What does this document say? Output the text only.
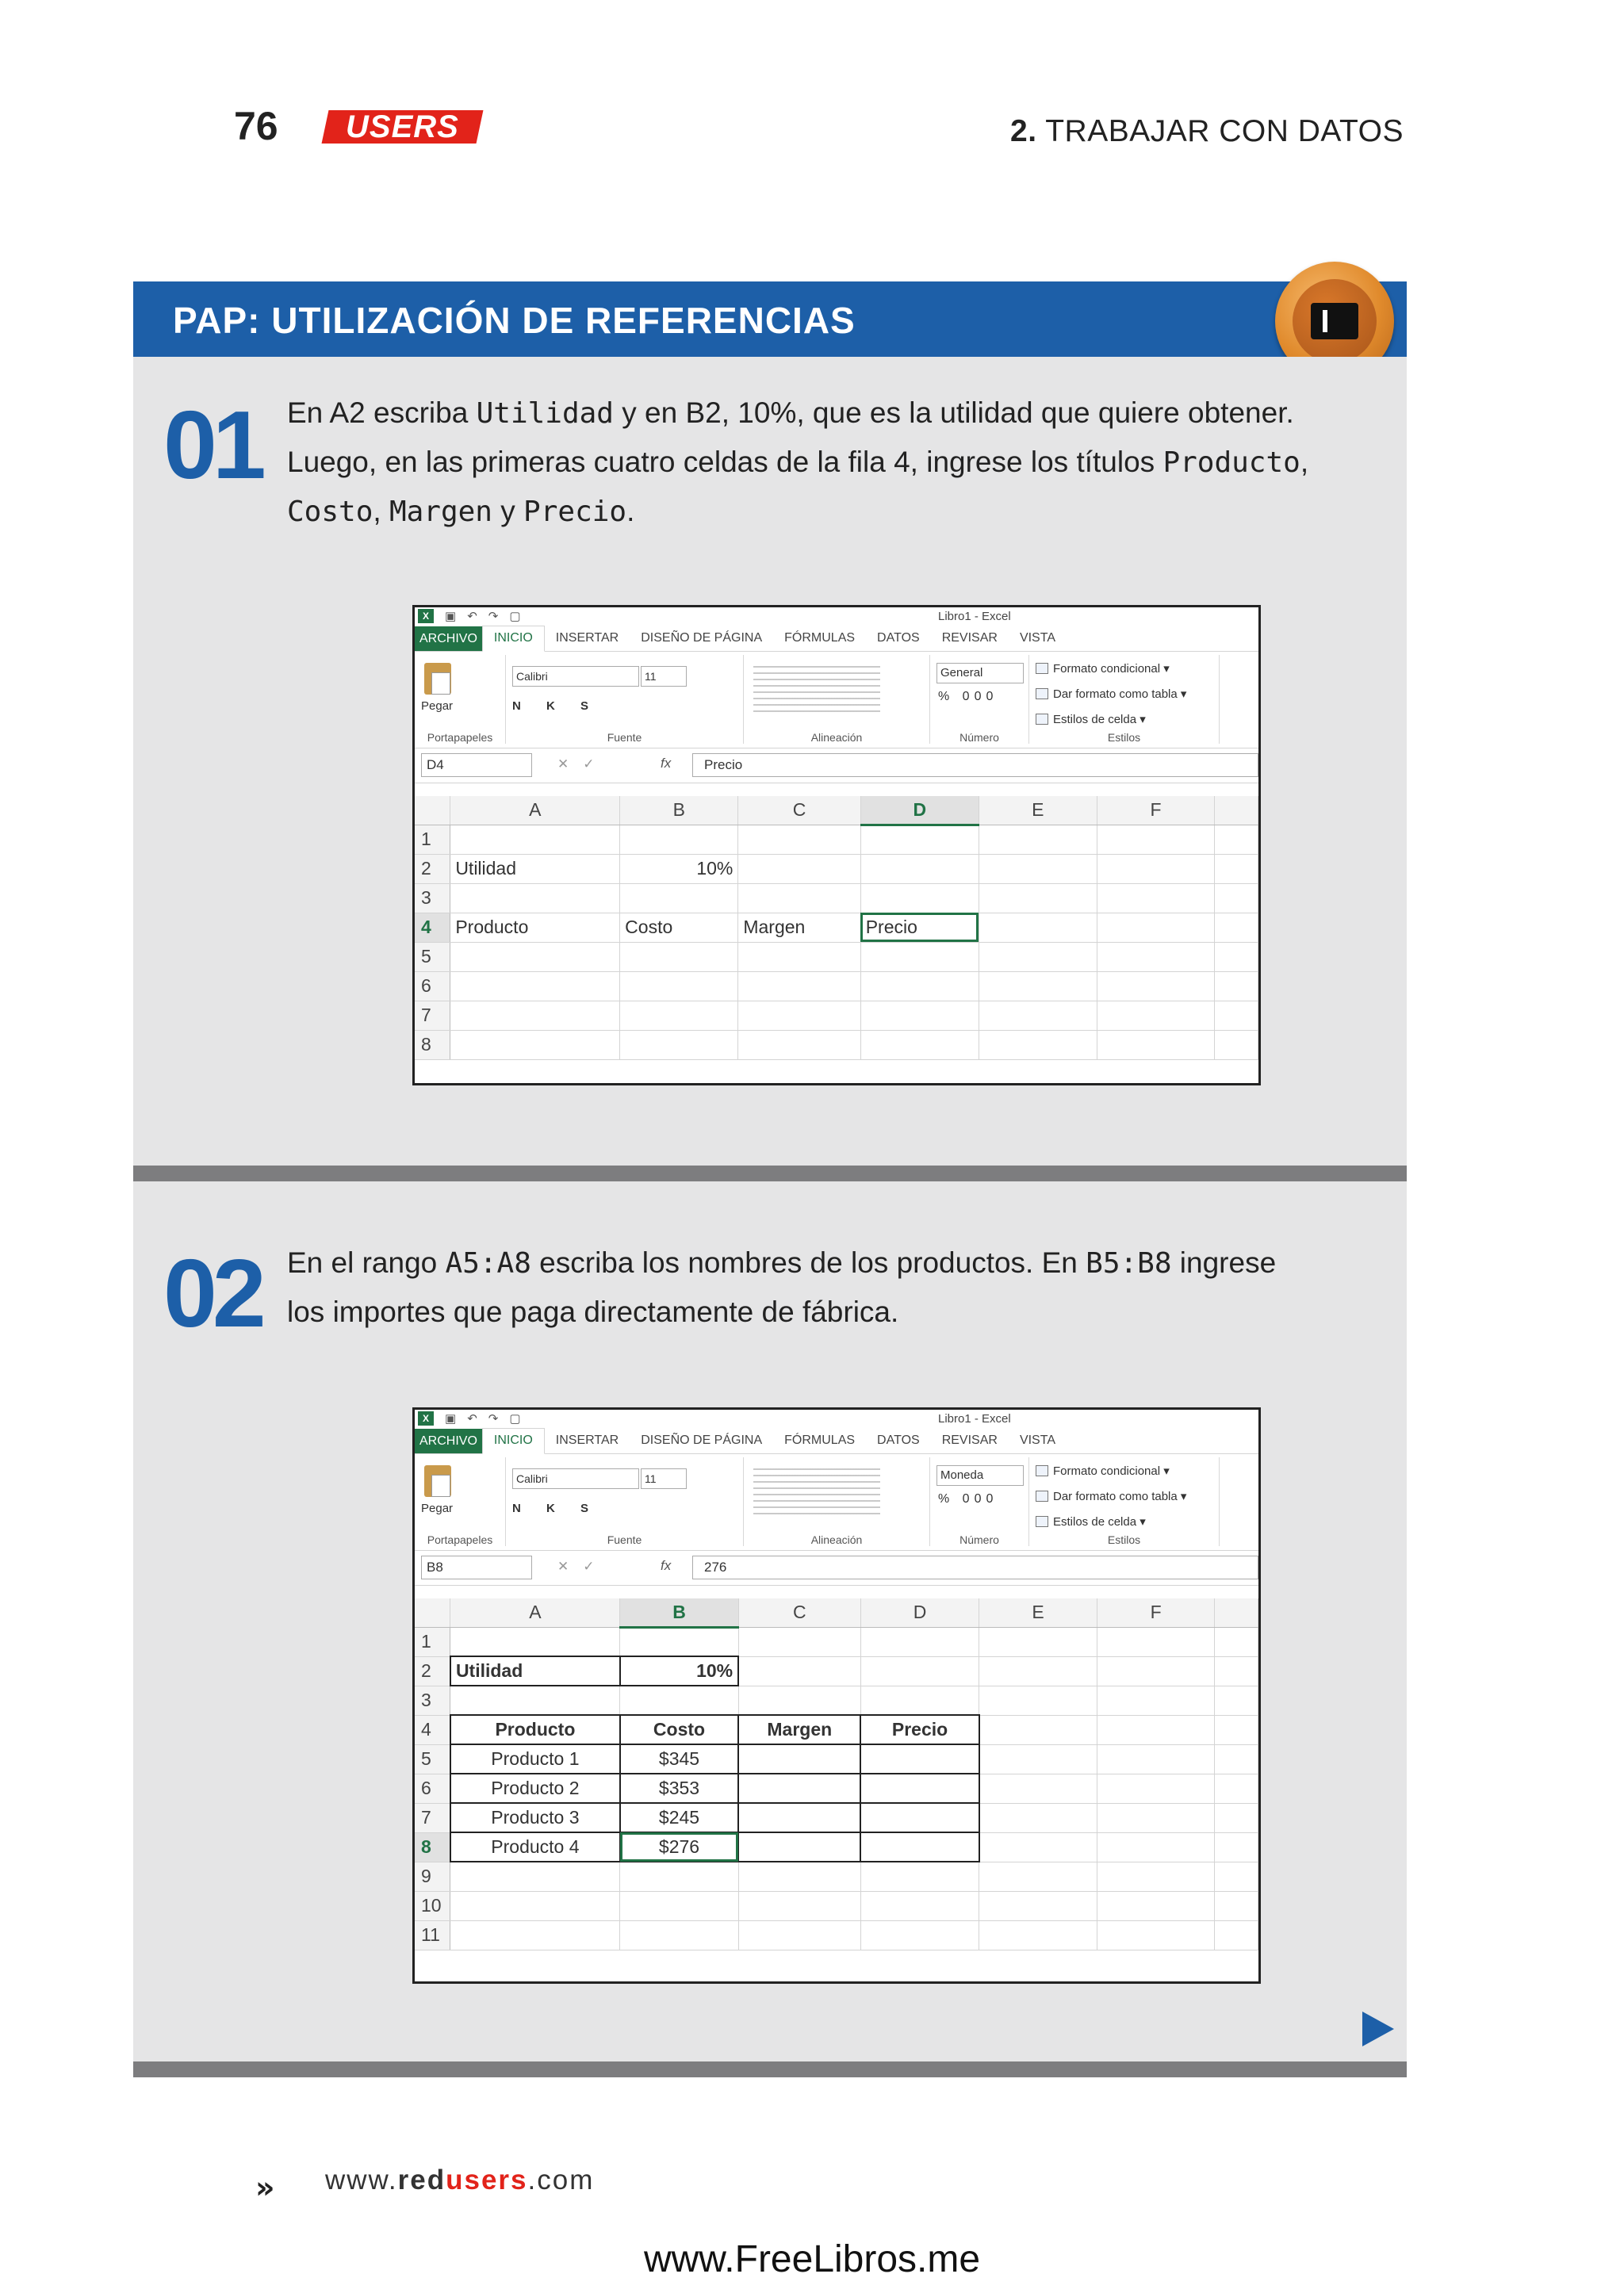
76 USERS	2. TRABAJAR CON DATOS
PAP: UTILIZACIÓN DE REFERENCIAS
01 En A2 escriba Utilidad y en B2, 10%, que es la utilidad que quiere obtener. Luego, en las primeras cuatro celdas de la fila 4, ingrese los títulos Producto, Costo, Margen y Precio.
X	▣ ↶ ↷ ▢	Libro1 - Excel
ARCHIVO	INICIO	INSERTAR	DISEÑO DE PÁGINA	FÓRMULAS	DATOS	REVISAR	VISTA
Pegar
Portapapeles
Calibri	11
N K S
Fuente	Alineación
General
% 000
Número
Formato condicional ▾
Dar formato como tabla ▾
Estilos de celda ▾
Estilos
D4	✕✓	fx	Precio
	A	B	C	D	E	F	
1							
2	Utilidad	10%					
3							
4	Producto	Costo	Margen	Precio			
5							
6							
7							
8							
02 En el rango A5:A8 escriba los nombres de los productos. En B5:B8 ingrese los importes que paga directamente de fábrica.
X	▣ ↶ ↷ ▢	Libro1 - Excel
ARCHIVO	INICIO	INSERTAR	DISEÑO DE PÁGINA	FÓRMULAS	DATOS	REVISAR	VISTA
Pegar
Portapapeles
Calibri	11
N K S
Fuente	Alineación
Moneda
% 000
Número
Formato condicional ▾
Dar formato como tabla ▾
Estilos de celda ▾
Estilos
B8	✕✓	fx	276
	A	B	C	D	E	F	
1							
2	Utilidad	10%					
3							
4	Producto	Costo	Margen	Precio			
5	Producto 1	$345					
6	Producto 2	$353					
7	Producto 3	$245					
8	Producto 4	$276					
9							
10							
11							
» www.redusers.com
www.FreeLibros.me
